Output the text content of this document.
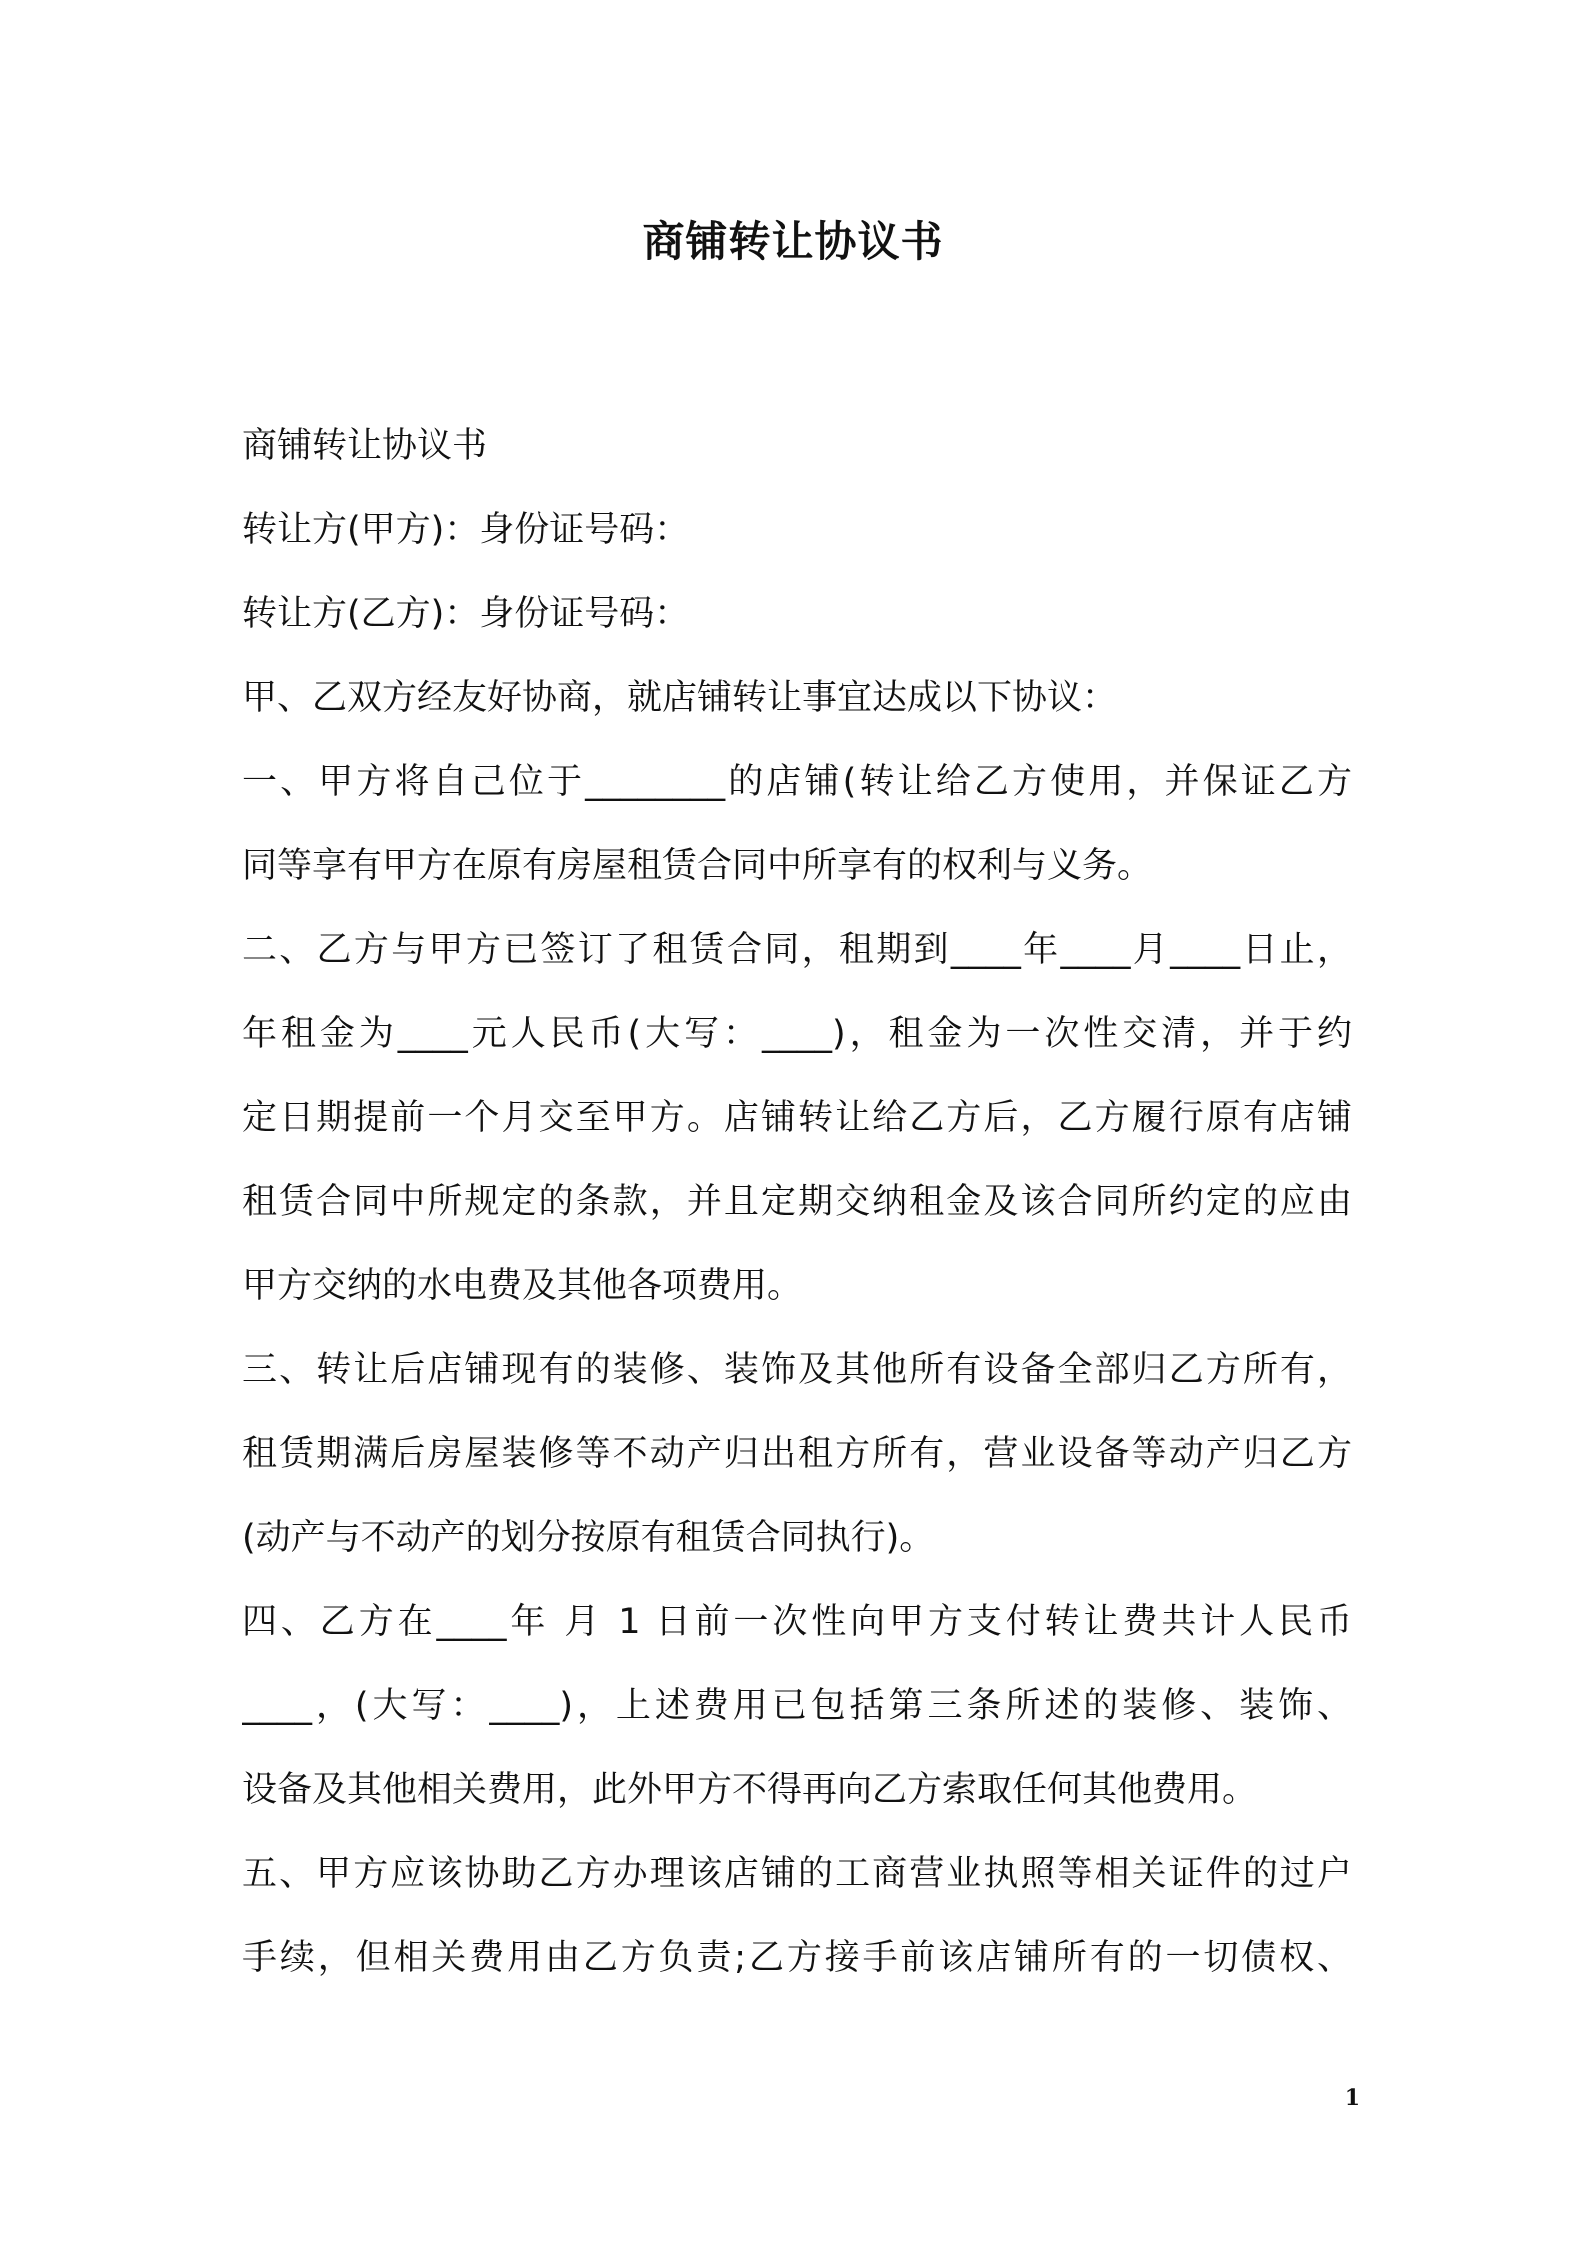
商铺转让协议书
商铺转让协议书
转让方(甲方)：身份证号码：
转让方(乙方)：身份证号码：
甲、乙双方经友好协商，就店铺转让事宜达成以下协议：
一、甲方将自己位于________的店铺(转让给乙方使用，并保证乙方
同等享有甲方在原有房屋租赁合同中所享有的权利与义务。
二、乙方与甲方已签订了租赁合同，租期到____年____月____日止，
年租金为____元人民币(大写：____)，租金为一次性交清，并于约
定日期提前一个月交至甲方。店铺转让给乙方后，乙方履行原有店铺
租赁合同中所规定的条款，并且定期交纳租金及该合同所约定的应由
甲方交纳的水电费及其他各项费用。
三、转让后店铺现有的装修、装饰及其他所有设备全部归乙方所有，
租赁期满后房屋装修等不动产归出租方所有，营业设备等动产归乙方
(动产与不动产的划分按原有租赁合同执行)。
四、乙方在____年 月 1 日前一次性向甲方支付转让费共计人民币
____，(大写：____)，上述费用已包括第三条所述的装修、装饰、
设备及其他相关费用，此外甲方不得再向乙方索取任何其他费用。
五、甲方应该协助乙方办理该店铺的工商营业执照等相关证件的过户
手续，但相关费用由乙方负责;乙方接手前该店铺所有的一切债权、
1
